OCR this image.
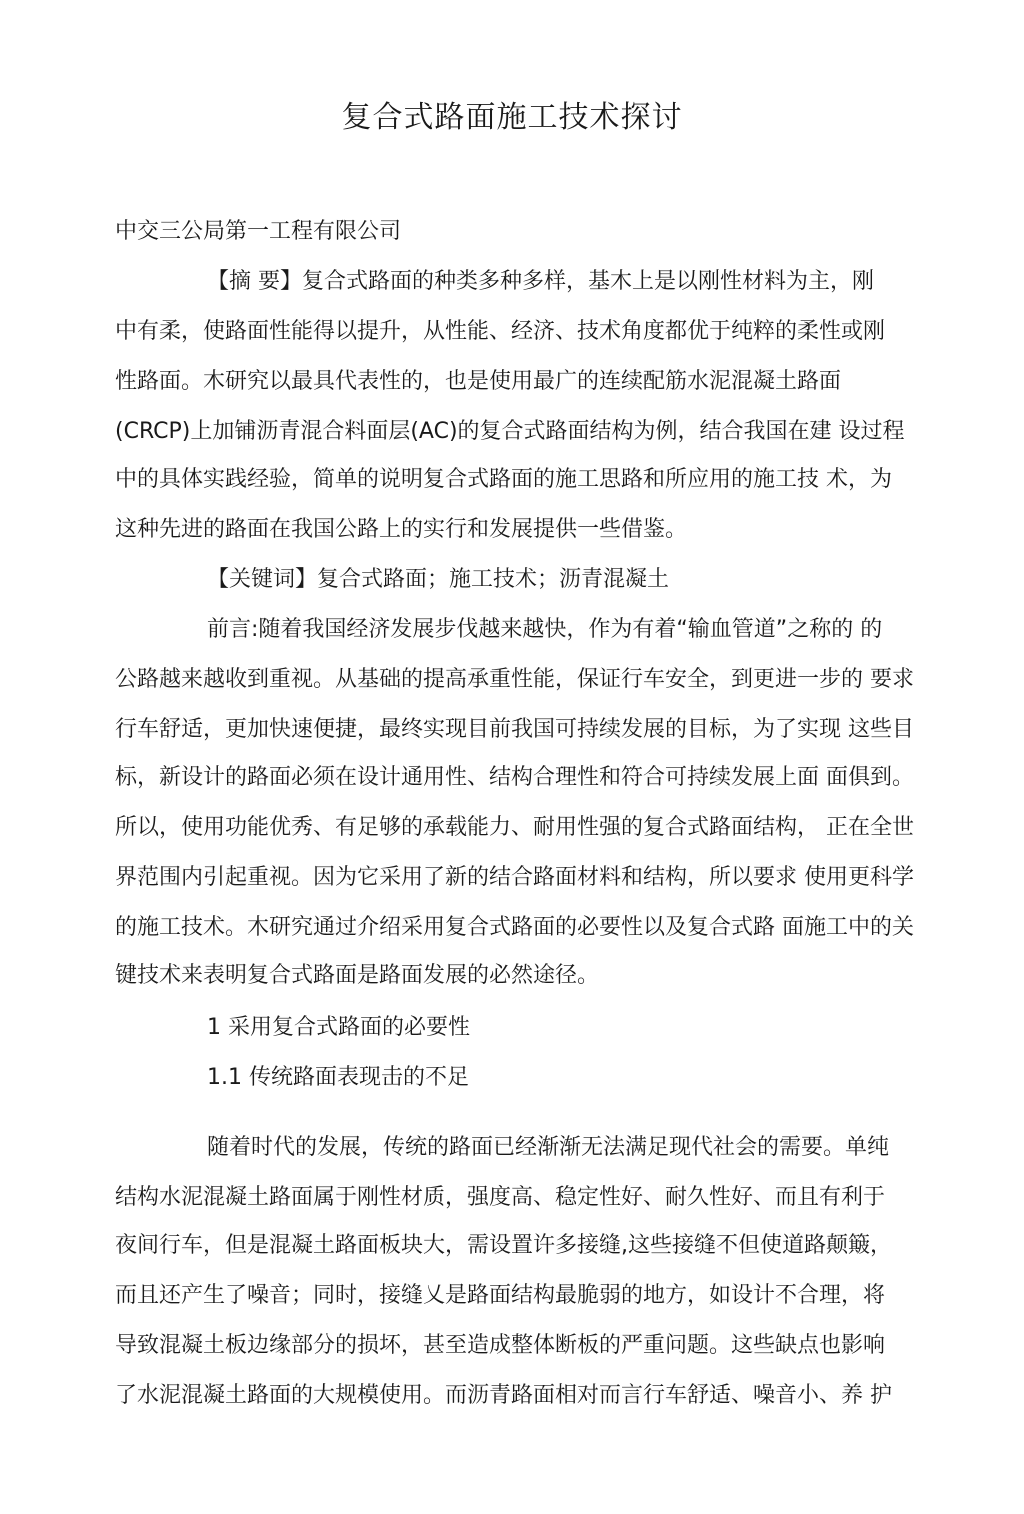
复合式路面施工技术探讨
中交三公局第一工程有限公司
【摘 要】复合式路面的种类多种多样，基木上是以刚性材料为主，刚
中有柔，使路面性能得以提升，从性能、经济、技术角度都优于纯粹的柔性或刚
性路面。木研究以最具代表性的，也是使用最广的连续配筋水泥混凝土路面
(CRCP)上加铺沥青混合料面层(AC)的复合式路面结构为例，结合我国在建 设过程
中的具体实践经验，简单的说明复合式路面的施工思路和所应用的施工技 术，为
这种先进的路面在我国公路上的实行和发展提供一些借鉴。
【关键词】复合式路面；施工技术；沥青混凝土
前言:随着我国经济发展步伐越来越快，作为有着“输血管道”之称的 的
公路越来越收到重视。从基础的提高承重性能，保证行车安全，到更进一步的 要求
行车舒适，更加快速便捷，最终实现目前我国可持续发展的目标，为了实现 这些目
标，新设计的路面必须在设计通用性、结构合理性和符合可持续发展上面 面俱到。
所以，使用功能优秀、有足够的承载能力、耐用性强的复合式路面结构， 正在全世
界范围内引起重视。因为它采用了新的结合路面材料和结构，所以要求 使用更科学
的施工技术。木研究通过介绍采用复合式路面的必要性以及复合式路 面施工中的关
键技术来表明复合式路面是路面发展的必然途径。
1 采用复合式路面的必要性
1.1 传统路面表现击的不足
随着时代的发展，传统的路面已经渐渐无法满足现代社会的需要。单纯
结构水泥混凝土路面属于刚性材质，强度高、稳定性好、耐久性好、而且有利于
夜间行车，但是混凝土路面板块大，需设置许多接缝,这些接缝不但使道路颠簸，
而且还产生了噪音；同时，接缝乂是路面结构最脆弱的地方，如设计不合理，将
导致混凝土板边缘部分的损坏，甚至造成整体断板的严重问题。这些缺点也影响
了水泥混凝土路面的大规模使用。而沥青路面相对而言行车舒适、噪音小、养 护
